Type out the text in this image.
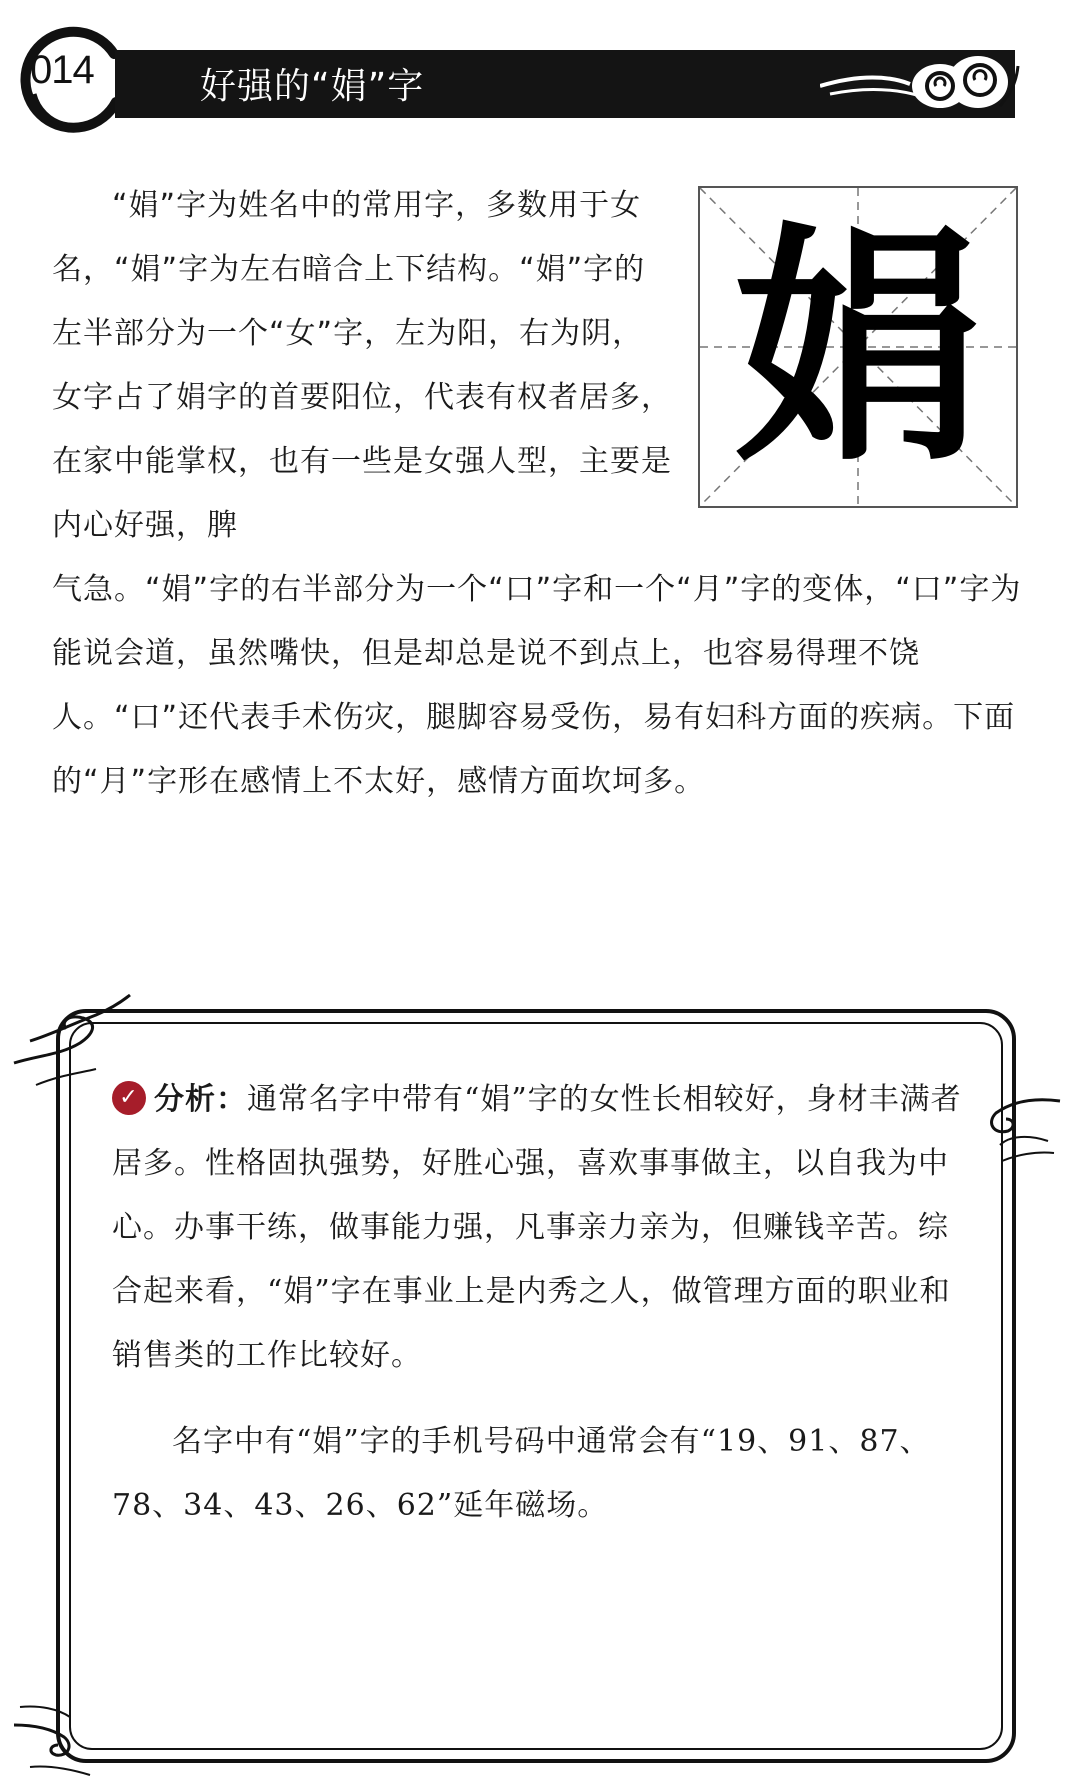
014	好强的“娟”字
娟
“娟”字为姓名中的常用字，多数用于女名，“娟”字为左右暗合上下结构。“娟”字的左半部分为一个“女”字，左为阳，右为阴，女字占了娟字的首要阳位，代表有权者居多，在家中能掌权，也有一些是女强人型，主要是内心好强，脾
气急。“娟”字的右半部分为一个“口”字和一个“月”字的变体，“口”字为能说会道，虽然嘴快，但是却总是说不到点上，也容易得理不饶人。“口”还代表手术伤灾，腿脚容易受伤，易有妇科方面的疾病。下面的“月”字形在感情上不太好，感情方面坎坷多。
✓ 分析：通常名字中带有“娟”字的女性长相较好，身材丰满者居多。性格固执强势，好胜心强，喜欢事事做主，以自我为中心。办事干练，做事能力强，凡事亲力亲为，但赚钱辛苦。综合起来看，“娟”字在事业上是内秀之人，做管理方面的职业和销售类的工作比较好。
名字中有“娟”字的手机号码中通常会有“19、91、87、78、34、43、26、62”延年磁场。
